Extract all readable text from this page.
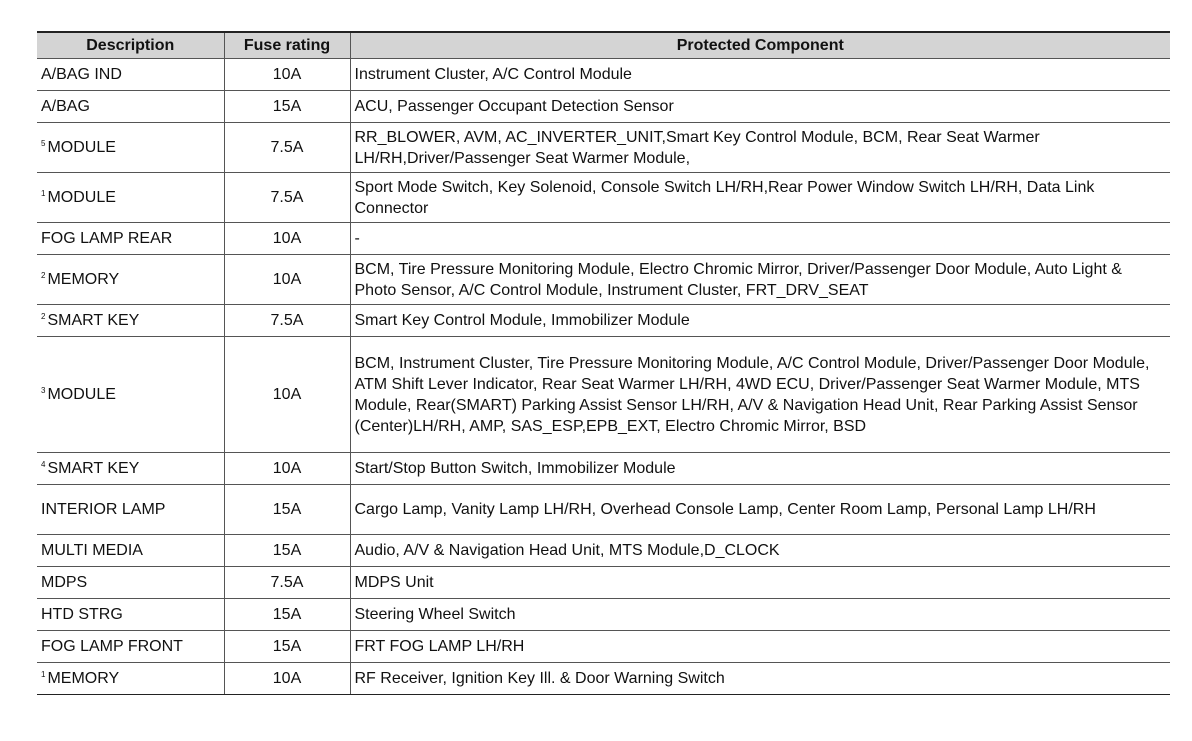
Description	Fuse rating	Protected Component
A/BAG IND	10A	Instrument Cluster, A/C Control Module
A/BAG	15A	ACU, Passenger Occupant Detection Sensor
$^5$ MODULE	7.5A	RR_BLOWER, AVM, AC_INVERTER_UNIT,Smart Key Control Module, BCM, Rear Seat Warmer LH/RH,Driver/Passenger Seat Warmer Module,
$^1$ MODULE	7.5A	Sport Mode Switch, Key Solenoid, Console Switch LH/RH,Rear Power Window Switch LH/RH, Data Link Connector
FOG LAMP REAR	10A	-
$^2$ MEMORY	10A	BCM, Tire Pressure Monitoring Module, Electro Chromic Mirror, Driver/Passenger Door Module, Auto Light & Photo Sensor, A/C Control Module, Instrument Cluster, FRT_DRV_SEAT
$^2$ SMART KEY	7.5A	Smart Key Control Module, Immobilizer Module
$^3$ MODULE	10A	BCM, Instrument Cluster, Tire Pressure Monitoring Module, A/C Control Module, Driver/Passenger Door Module, ATM Shift Lever Indicator, Rear Seat Warmer LH/RH, 4WD ECU, Driver/Passenger Seat Warmer Module, MTS Module, Rear(SMART) Parking Assist Sensor LH/RH, A/V & Navigation Head Unit, Rear Parking Assist Sensor (Center)LH/RH, AMP, SAS_ESP,EPB_EXT, Electro Chromic Mirror, BSD
$^4$ SMART KEY	10A	Start/Stop Button Switch, Immobilizer Module
INTERIOR LAMP	15A	Cargo Lamp, Vanity Lamp LH/RH, Overhead Console Lamp, Center Room Lamp, Personal Lamp LH/RH
MULTI MEDIA	15A	Audio, A/V & Navigation Head Unit, MTS Module,D_CLOCK
MDPS	7.5A	MDPS Unit
HTD STRG	15A	Steering Wheel Switch
FOG LAMP FRONT	15A	FRT FOG LAMP LH/RH
$^1$ MEMORY	10A	RF Receiver, Ignition Key Ill. & Door Warning Switch
